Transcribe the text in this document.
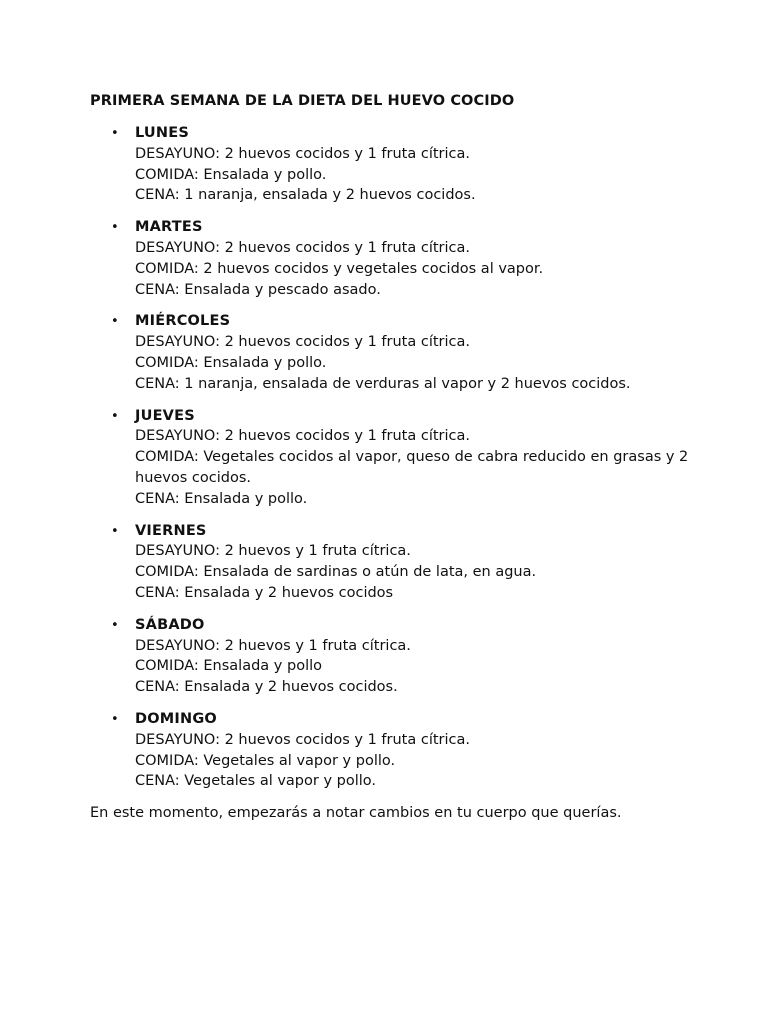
PRIMERA SEMANA DE LA DIETA DEL HUEVO COCIDO
• LUNES
DESAYUNO: 2 huevos cocidos y 1 fruta cítrica.
COMIDA: Ensalada y pollo.
CENA: 1 naranja, ensalada y 2 huevos cocidos.
• MARTES
DESAYUNO: 2 huevos cocidos y 1 fruta cítrica.
COMIDA: 2 huevos cocidos y vegetales cocidos al vapor.
CENA: Ensalada y pescado asado.
• MIÉRCOLES
DESAYUNO: 2 huevos cocidos y 1 fruta cítrica.
COMIDA: Ensalada y pollo.
CENA: 1 naranja, ensalada de verduras al vapor y 2 huevos cocidos.
• JUEVES
DESAYUNO: 2 huevos cocidos y 1 fruta cítrica.
COMIDA: Vegetales cocidos al vapor, queso de cabra reducido en grasas y 2 huevos cocidos.
CENA: Ensalada y pollo.
• VIERNES
DESAYUNO: 2 huevos y 1 fruta cítrica.
COMIDA: Ensalada de sardinas o atún de lata, en agua.
CENA: Ensalada y 2 huevos cocidos
• SÁBADO
DESAYUNO: 2 huevos y 1 fruta cítrica.
COMIDA: Ensalada y pollo
CENA: Ensalada y 2 huevos cocidos.
• DOMINGO
DESAYUNO: 2 huevos cocidos y 1 fruta cítrica.
COMIDA: Vegetales al vapor y pollo.
CENA: Vegetales al vapor y pollo.
En este momento, empezarás a notar cambios en tu cuerpo que querías.
